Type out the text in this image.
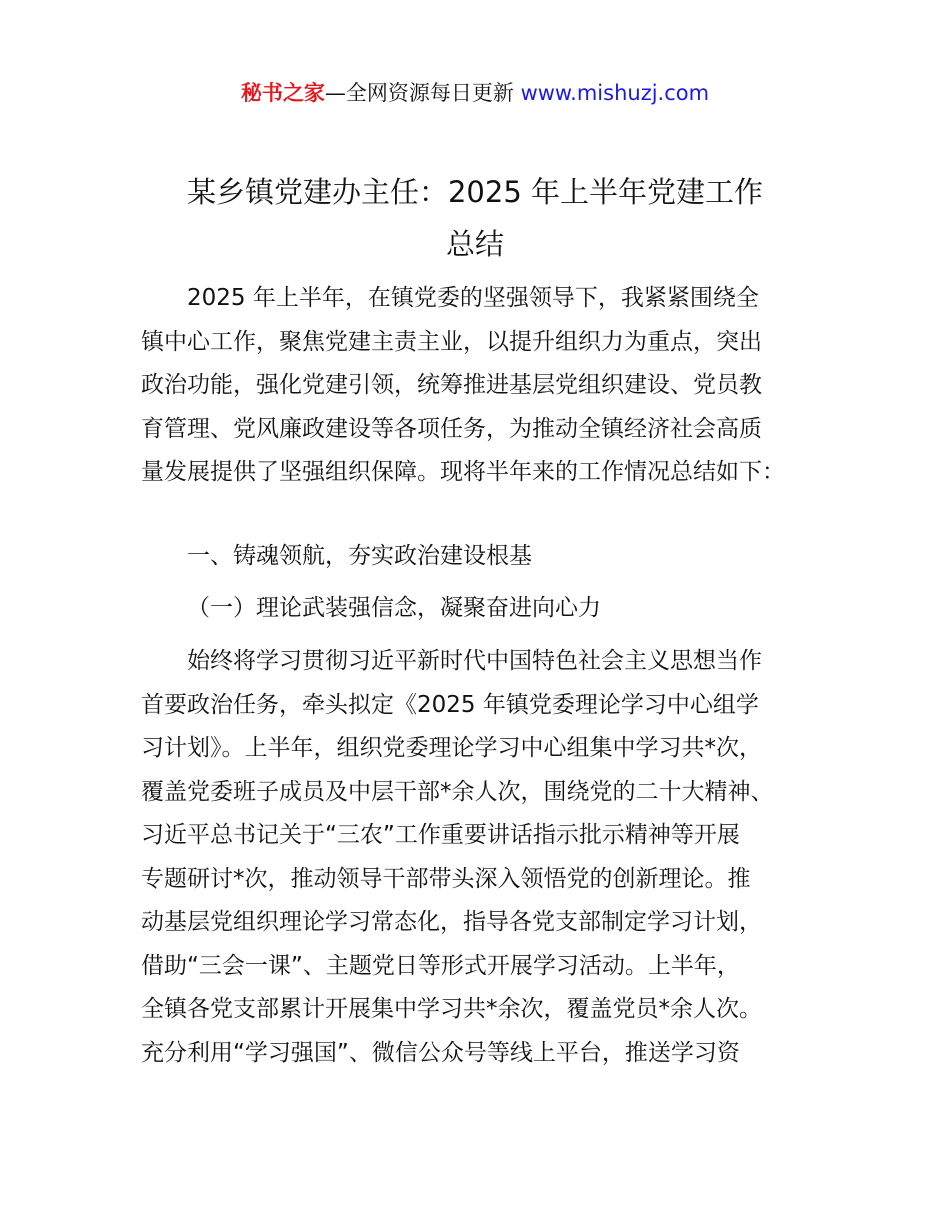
秘书之家—全网资源每日更新 www.mishuzj.com
某乡镇党建办主任：2025 年上半年党建工作
总结
　　2025 年上半年，在镇党委的坚强领导下，我紧紧围绕全
镇中心工作，聚焦党建主责主业，以提升组织力为重点，突出
政治功能，强化党建引领，统筹推进基层党组织建设、党员教
育管理、党风廉政建设等各项任务，为推动全镇经济社会高质
量发展提供了坚强组织保障。现将半年来的工作情况总结如下：
一、铸魂领航，夯实政治建设根基
（一）理论武装强信念，凝聚奋进向心力
　　始终将学习贯彻习近平新时代中国特色社会主义思想当作
首要政治任务，牵头拟定《2025 年镇党委理论学习中心组学
习计划》。上半年，组织党委理论学习中心组集中学习共*次，
覆盖党委班子成员及中层干部*余人次，围绕党的二十大精神、
习近平总书记关于“三农”工作重要讲话指示批示精神等开展
专题研讨*次，推动领导干部带头深入领悟党的创新理论。推
动基层党组织理论学习常态化，指导各党支部制定学习计划，
借助“三会一课”、主题党日等形式开展学习活动。上半年，
全镇各党支部累计开展集中学习共*余次，覆盖党员*余人次。
充分利用“学习强国”、微信公众号等线上平台，推送学习资
